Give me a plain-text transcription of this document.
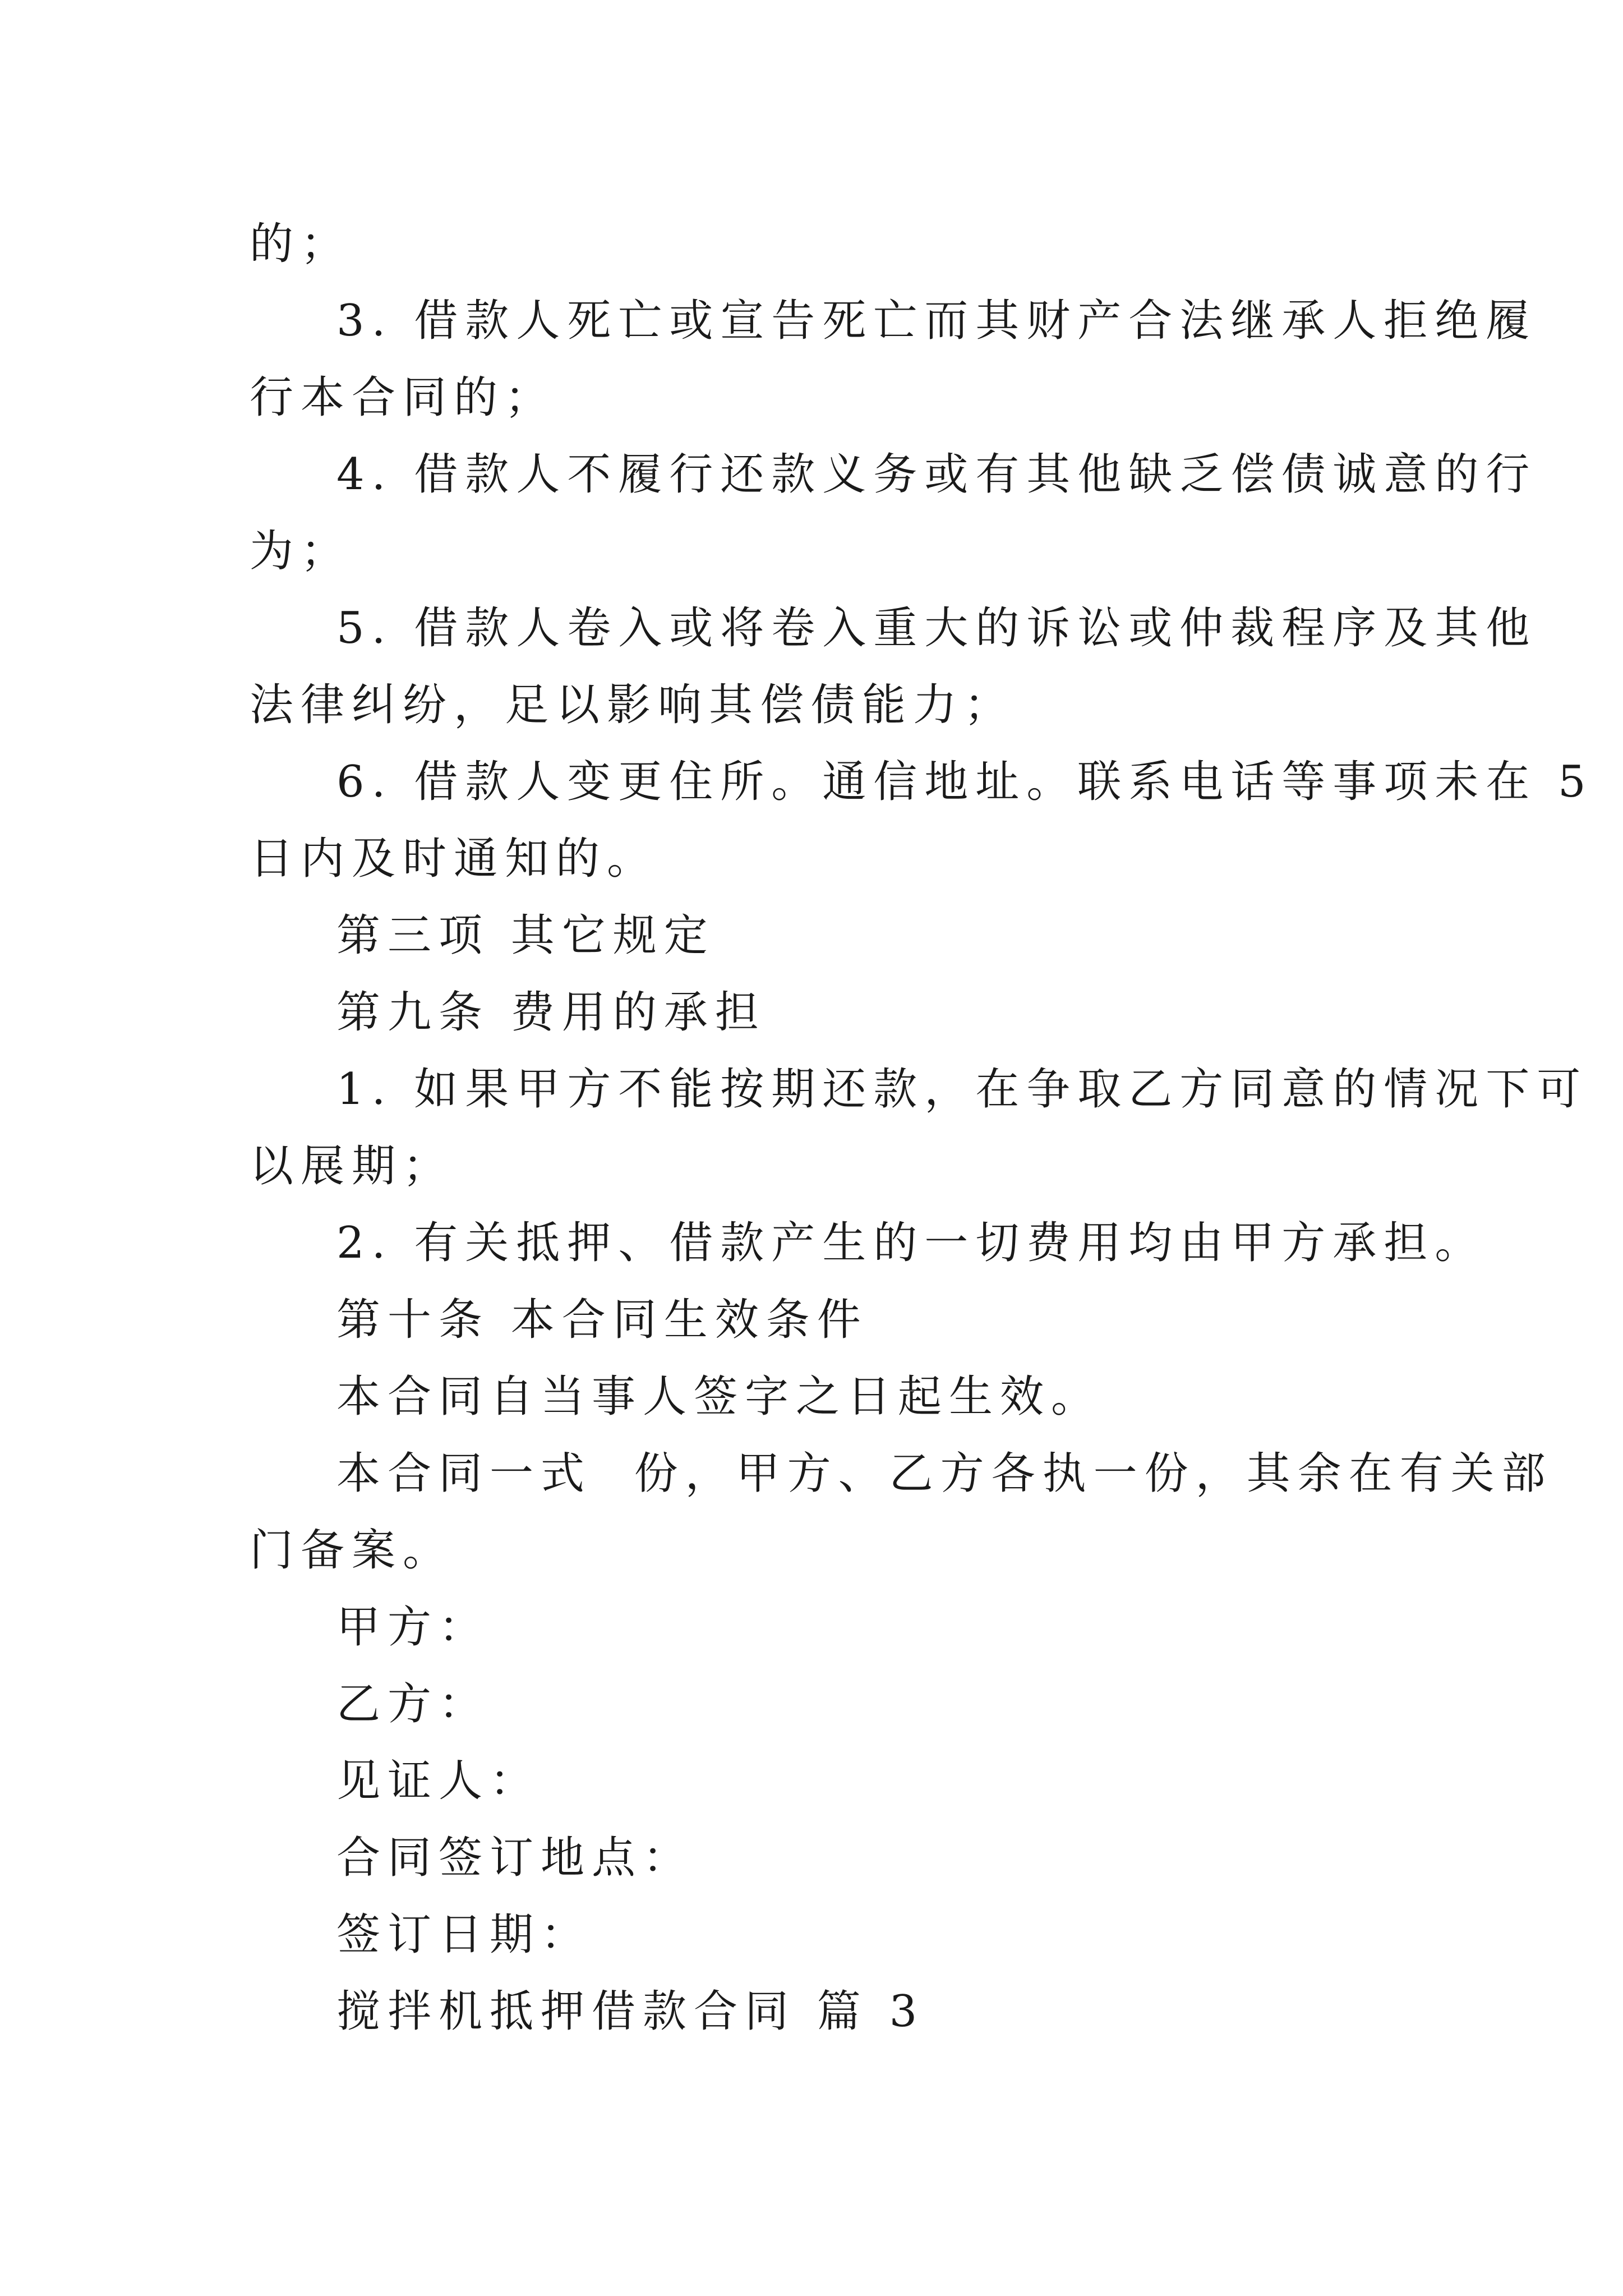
的；
3. 借款人死亡或宣告死亡而其财产合法继承人拒绝履
行本合同的；
4. 借款人不履行还款义务或有其他缺乏偿债诚意的行
为；
5. 借款人卷入或将卷入重大的诉讼或仲裁程序及其他
法律纠纷，足以影响其偿债能力；
6. 借款人变更住所。通信地址。联系电话等事项未在 5
日内及时通知的。
第三项 其它规定
第九条 费用的承担
1. 如果甲方不能按期还款，在争取乙方同意的情况下可
以展期；
2. 有关抵押、借款产生的一切费用均由甲方承担。
第十条 本合同生效条件
本合同自当事人签字之日起生效。
本合同一式  份，甲方、乙方各执一份，其余在有关部
门备案。
甲方：
乙方：
见证人：
合同签订地点：
签订日期：
搅拌机抵押借款合同 篇 3
